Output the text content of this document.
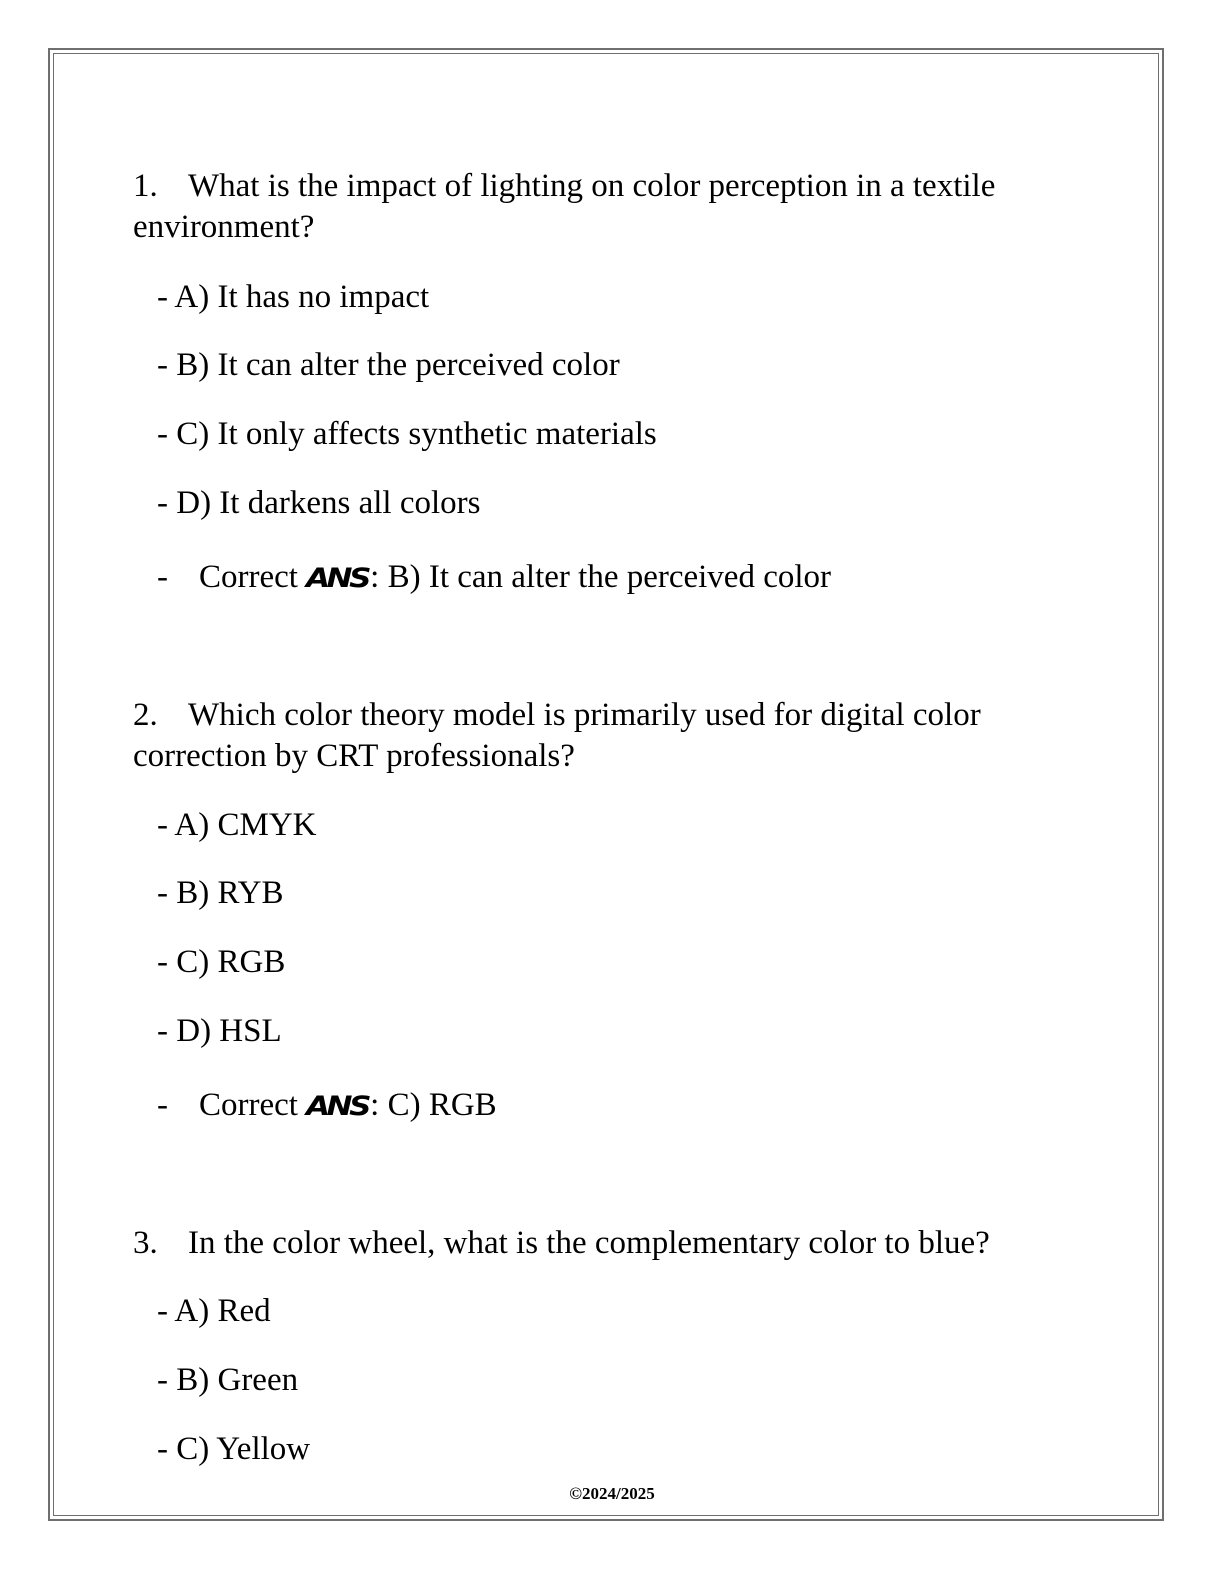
1. What is the impact of lighting on color perception in a textile environment?
- A) It has no impact
- B) It can alter the perceived color
- C) It only affects synthetic materials
- D) It darkens all colors
- Correct ANS: B) It can alter the perceived color
2. Which color theory model is primarily used for digital color correction by CRT professionals?
- A) CMYK
- B) RYB
- C) RGB
- D) HSL
- Correct ANS: C) RGB
3. In the color wheel, what is the complementary color to blue?
- A) Red
- B) Green
- C) Yellow
©2024/2025
